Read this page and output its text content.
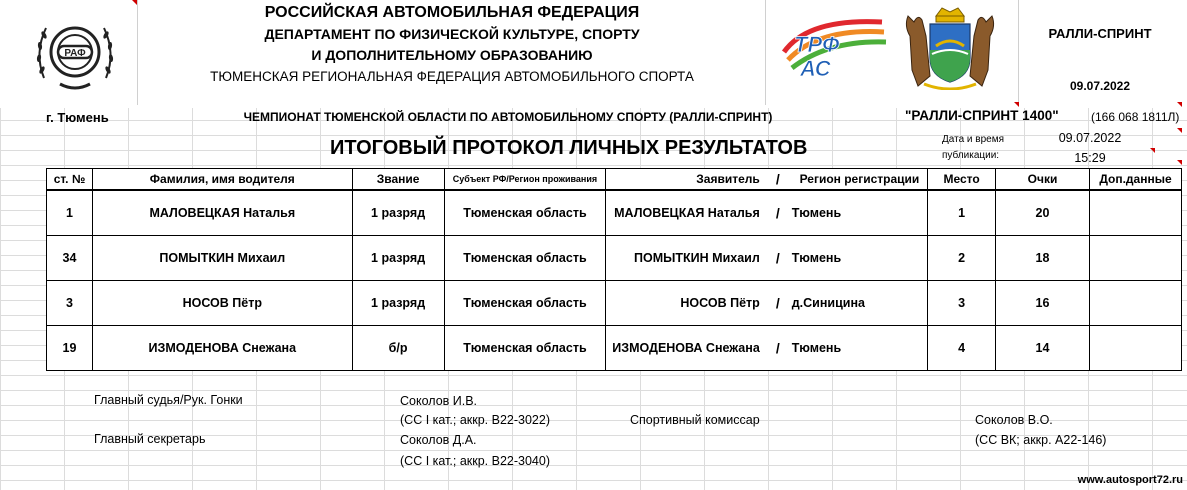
РАФ
РОССИЙСКАЯ АВТОМОБИЛЬНАЯ ФЕДЕРАЦИЯ
ДЕПАРТАМЕНТ ПО ФИЗИЧЕСКОЙ КУЛЬТУРЕ, СПОРТУ
И ДОПОЛНИТЕЛЬНОМУ ОБРАЗОВАНИЮ
ТЮМЕНСКАЯ РЕГИОНАЛЬНАЯ ФЕДЕРАЦИЯ АВТОМОБИЛЬНОГО СПОРТА
ТРФ
АС
РАЛЛИ-СПРИНТ
09.07.2022
г. Тюмень	ЧЕМПИОНАТ ТЮМЕНСКОЙ ОБЛАСТИ ПО АВТОМОБИЛЬНОМУ СПОРТУ (РАЛЛИ-СПРИНТ)	"РАЛЛИ-СПРИНТ 1400"	(166 068 1811Л)
ИТОГОВЫЙ ПРОТОКОЛ ЛИЧНЫХ РЕЗУЛЬТАТОВ	Дата и время
публикации:
09.07.2022
15:29
ст. №	Фамилия, имя водителя	Звание	Субъект РФ/Регион проживания	Заявитель	/	Регион регистрации	Место	Очки	Доп.данные
1	МАЛОВЕЦКАЯ Наталья	1 разряд	Тюменская область	МАЛОВЕЦКАЯ Наталья	/	Тюмень	1	20	
34	ПОМЫТКИН Михаил	1 разряд	Тюменская область	ПОМЫТКИН Михаил	/	Тюмень	2	18	
3	НОСОВ Пётр	1 разряд	Тюменская область	НОСОВ Пётр	/	д.Синицина	3	16	
19	ИЗМОДЕНОВА Снежана	б/р	Тюменская область	ИЗМОДЕНОВА Снежана	/	Тюмень	4	14	
Главный судья/Рук. Гонки	Соколов И.В.
(СС I кат.; аккр. В22-3022)
Главный секретарь	Соколов Д.А.
(СС I кат.; аккр. В22-3040)
Спортивный комиссар	Соколов В.О.
(СС ВК; аккр. А22-146)
www.autosport72.ru
